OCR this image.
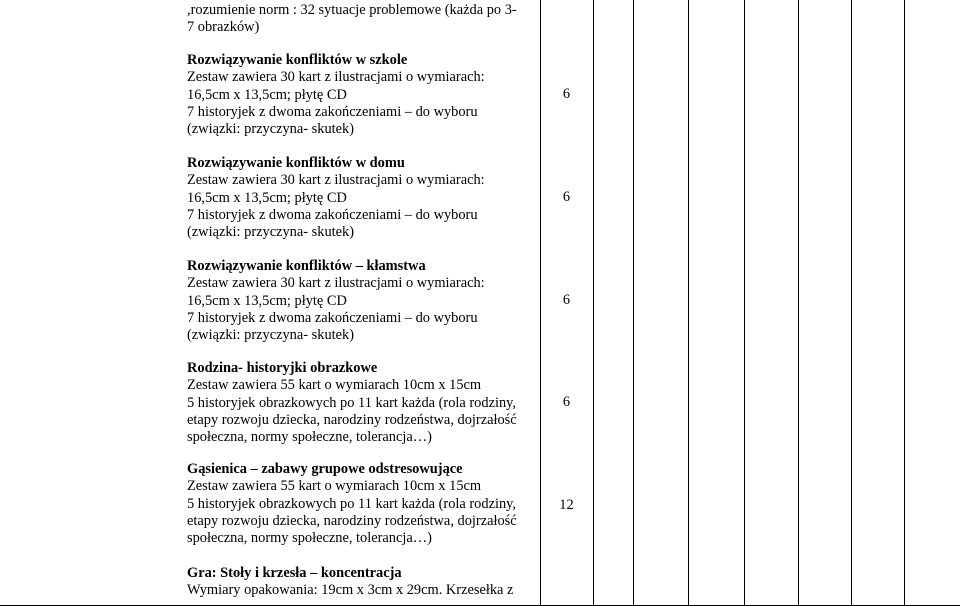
Rozwiązywanie konfliktów w szkole

Zestaw zawiera 30 kart z ilustracjami o wymiarach:

16,5cm x 13,5cm; płytę CD

7 historyjek z dwoma zakończeniami – do wyboru

(związki: przyczyna- skutek)

6
Rozwiązywanie konfliktów w domu

Zestaw zawiera 30 kart z ilustracjami o wymiarach:

16,5cm x 13,5cm; płytę CD

7 historyjek z dwoma zakończeniami – do wyboru

(związki: przyczyna- skutek)

6
Rozwiązywanie konfliktów – kłamstwa

Zestaw zawiera 30 kart z ilustracjami o wymiarach:

16,5cm x 13,5cm; płytę CD

7 historyjek z dwoma zakończeniami – do wyboru

(związki: przyczyna- skutek)

6
Rodzina- historyjki obrazkowe

Zestaw zawiera 55 kart o wymiarach 10cm x 15cm

5 historyjek obrazkowych po 11 kart każda (rola rodziny,

etapy rozwoju dziecka, narodziny rodzeństwa, dojrzałość

społeczna, normy społeczne, tolerancja…)

6
Gąsienica – zabawy grupowe odstresowujące

Zestaw zawiera 55 kart o wymiarach 10cm x 15cm

5 historyjek obrazkowych po 11 kart każda (rola rodziny,

etapy rozwoju dziecka, narodziny rodzeństwa, dojrzałość

społeczna, normy społeczne, tolerancja…)

12
Gra: Stoły i krzesła – koncentracja

Wymiary opakowania: 19cm x 3cm x 29cm. Krzesełka z

,rozumienie norm : 32 sytuacje problemowe (każda po 3-
7 obrazków)
